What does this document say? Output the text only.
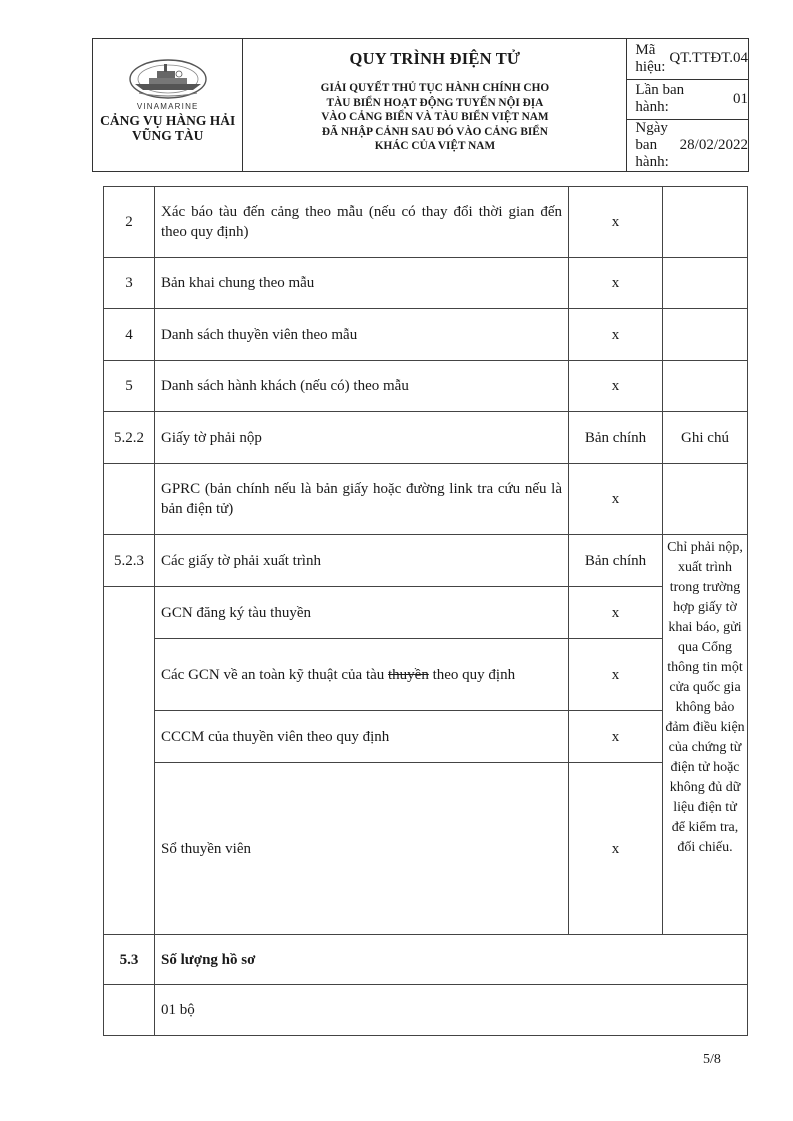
VINAMARINE
CẢNG VỤ HÀNG HẢI
VŨNG TÀU
QUY TRÌNH ĐIỆN TỬ
GIẢI QUYẾT THỦ TỤC HÀNH CHÍNH CHO
TÀU BIỂN HOẠT ĐỘNG TUYẾN NỘI ĐỊA
VÀO CẢNG BIỂN VÀ TÀU BIỂN VIỆT NAM
ĐÃ NHẬP CẢNH SAU ĐÓ VÀO CẢNG BIỂN
KHÁC CỦA VIỆT NAM
Mã hiệu:
QT.TTĐT.04
Lần ban hành:
01
Ngày ban hành:
28/02/2022
2	Xác báo tàu đến cảng theo mẫu (nếu có thay đổi thời gian đến theo quy định)	x	
3	Bản khai chung theo mẫu	x	
4	Danh sách thuyền viên theo mẫu	x	
5	Danh sách hành khách (nếu có) theo mẫu	x	
5.2.2	Giấy tờ phải nộp	Bản chính	Ghi chú
	GPRC (bản chính nếu là bản giấy hoặc đường link tra cứu nếu là bản điện tử)	x	
5.2.3	Các giấy tờ phải xuất trình	Bản chính	Chỉ phải nộp, xuất trình trong trường hợp giấy tờ khai báo, gửi qua Cổng thông tin một cửa quốc gia không bảo đảm điều kiện của chứng từ điện tử hoặc không đủ dữ liệu điện tử để kiểm tra, đối chiếu.
	GCN đăng ký tàu thuyền	x	
	Các GCN về an toàn kỹ thuật của tàu thuyền theo quy định	x	
	CCCM của thuyền viên theo quy định	x	
	Sổ thuyền viên	x	
5.3	Số lượng hồ sơ		
	01 bộ		
5/8
